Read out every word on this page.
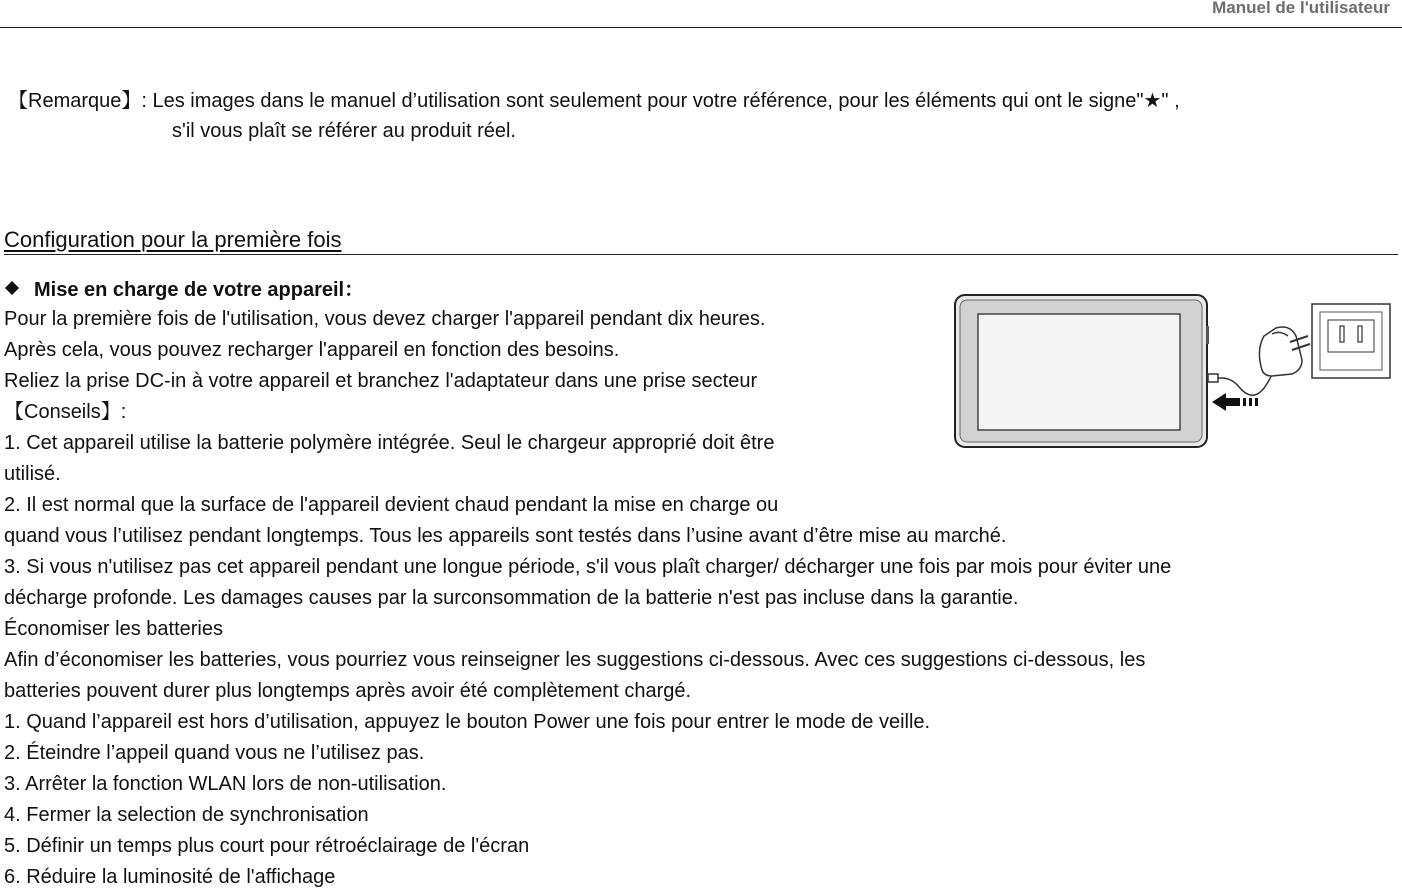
Manuel de l'utilisateur
【Remarque】: Les images dans le manuel d’utilisation sont seulement pour votre référence, pour les éléments qui ont le signe"★" ,
s'il vous plaît se référer au produit réel.
Configuration pour la première fois
Mise en charge de votre appareil：
Pour la première fois de l'utilisation, vous devez charger l'appareil pendant dix heures.
Après cela, vous pouvez recharger l'appareil en fonction des besoins.
Reliez la prise DC-in à votre appareil et branchez l'adaptateur dans une prise secteur
【Conseils】:
1. Cet appareil utilise la batterie polymère intégrée. Seul le chargeur approprié doit être
utilisé.
2. Il est normal que la surface de l'appareil devient chaud pendant la mise en charge ou
quand vous l’utilisez pendant longtemps. Tous les appareils sont testés dans l’usine avant d’être mise au marché.
3. Si vous n'utilisez pas cet appareil pendant une longue période, s'il vous plaît charger/ décharger une fois par mois pour éviter une
décharge profonde. Les damages causes par la surconsommation de la batterie n'est pas incluse dans la garantie.
Économiser les batteries
Afin d’économiser les batteries, vous pourriez vous reinseigner les suggestions ci-dessous. Avec ces suggestions ci-dessous, les
batteries pouvent durer plus longtemps après avoir été complètement chargé.
1. Quand l’appareil est hors d’utilisation, appuyez le bouton Power une fois pour entrer le mode de veille.
2. Éteindre l’appeil quand vous ne l’utilisez pas.
3. Arrêter la fonction WLAN lors de non-utilisation.
4. Fermer la selection de synchronisation
5. Définir un temps plus court pour rétroéclairage de l'écran
6. Réduire la luminosité de l'affichage
